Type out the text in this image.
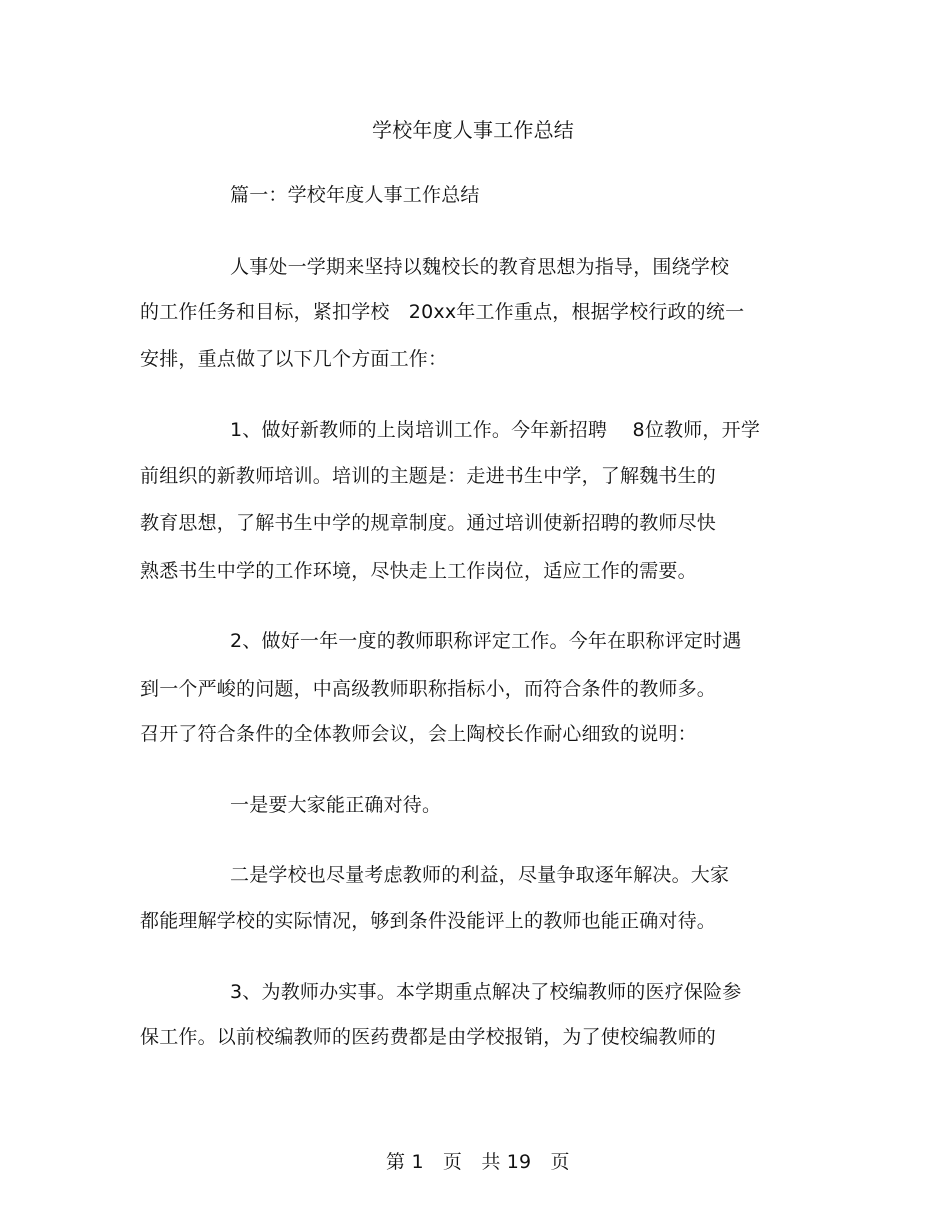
学校年度人事工作总结
篇一：学校年度人事工作总结
人事处一学期来坚持以魏校长的教育思想为指导，围绕学校
的工作任务和目标，紧扣学校　20xx年工作重点，根据学校行政的统一
安排，重点做了以下几个方面工作：
1、做好新教师的上岗培训工作。今年新招聘　 8位教师，开学
前组织的新教师培训。培训的主题是：走进书生中学，了解魏书生的
教育思想，了解书生中学的规章制度。通过培训使新招聘的教师尽快
熟悉书生中学的工作环境，尽快走上工作岗位，适应工作的需要。
2、做好一年一度的教师职称评定工作。今年在职称评定时遇
到一个严峻的问题，中高级教师职称指标小，而符合条件的教师多。
召开了符合条件的全体教师会议，会上陶校长作耐心细致的说明：
一是要大家能正确对待。
二是学校也尽量考虑教师的利益，尽量争取逐年解决。大家
都能理解学校的实际情况，够到条件没能评上的教师也能正确对待。
3、为教师办实事。本学期重点解决了校编教师的医疗保险参
保工作。以前校编教师的医药费都是由学校报销，为了使校编教师的
第 1　页　共 19　页
